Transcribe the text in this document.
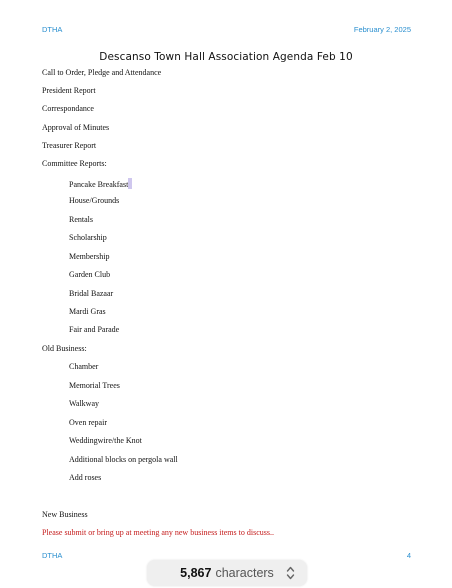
DTHA	February 2, 2025
Descanso Town Hall Association Agenda Feb 10
Call to Order, Pledge and Attendance
President Report
Correspondance
Approval of Minutes
Treasurer Report
Committee Reports:
Pancake Breakfast
House/Grounds
Rentals
Scholarship
Membership
Garden Club
Bridal Bazaar
Mardi Gras
Fair and Parade
Old Business:
Chamber
Memorial Trees
Walkway
Oven repair
Weddingwire/the Knot
Additional blocks on pergola wall
Add roses
New Business
Please submit or bring up at meeting any new business items to discuss..
DTHA	4
5,867 characters
